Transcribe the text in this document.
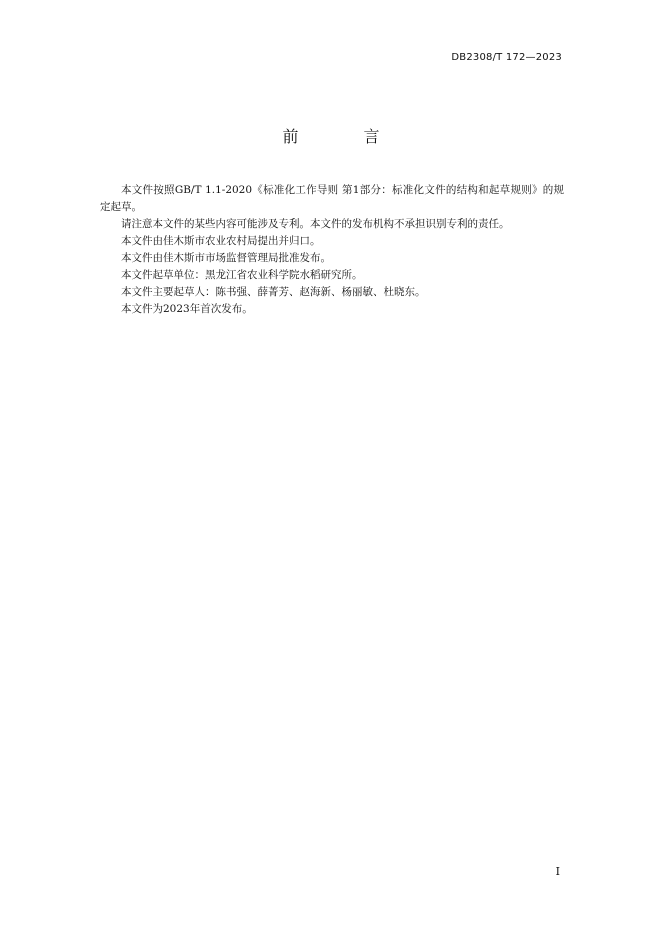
DB2308/T 172—2023
前 言

本文件按照GB/T 1.1-2020《标准化工作导则 第1部分：标准化文件的结构和起草规则》的规定起草。

请注意本文件的某些内容可能涉及专利。本文件的发布机构不承担识别专利的责任。

本文件由佳木斯市农业农村局提出并归口。

本文件由佳木斯市市场监督管理局批准发布。

本文件起草单位：黑龙江省农业科学院水稻研究所。

本文件主要起草人：陈书强、薛菁芳、赵海新、杨丽敏、杜晓东。

本文件为2023年首次发布。

I
